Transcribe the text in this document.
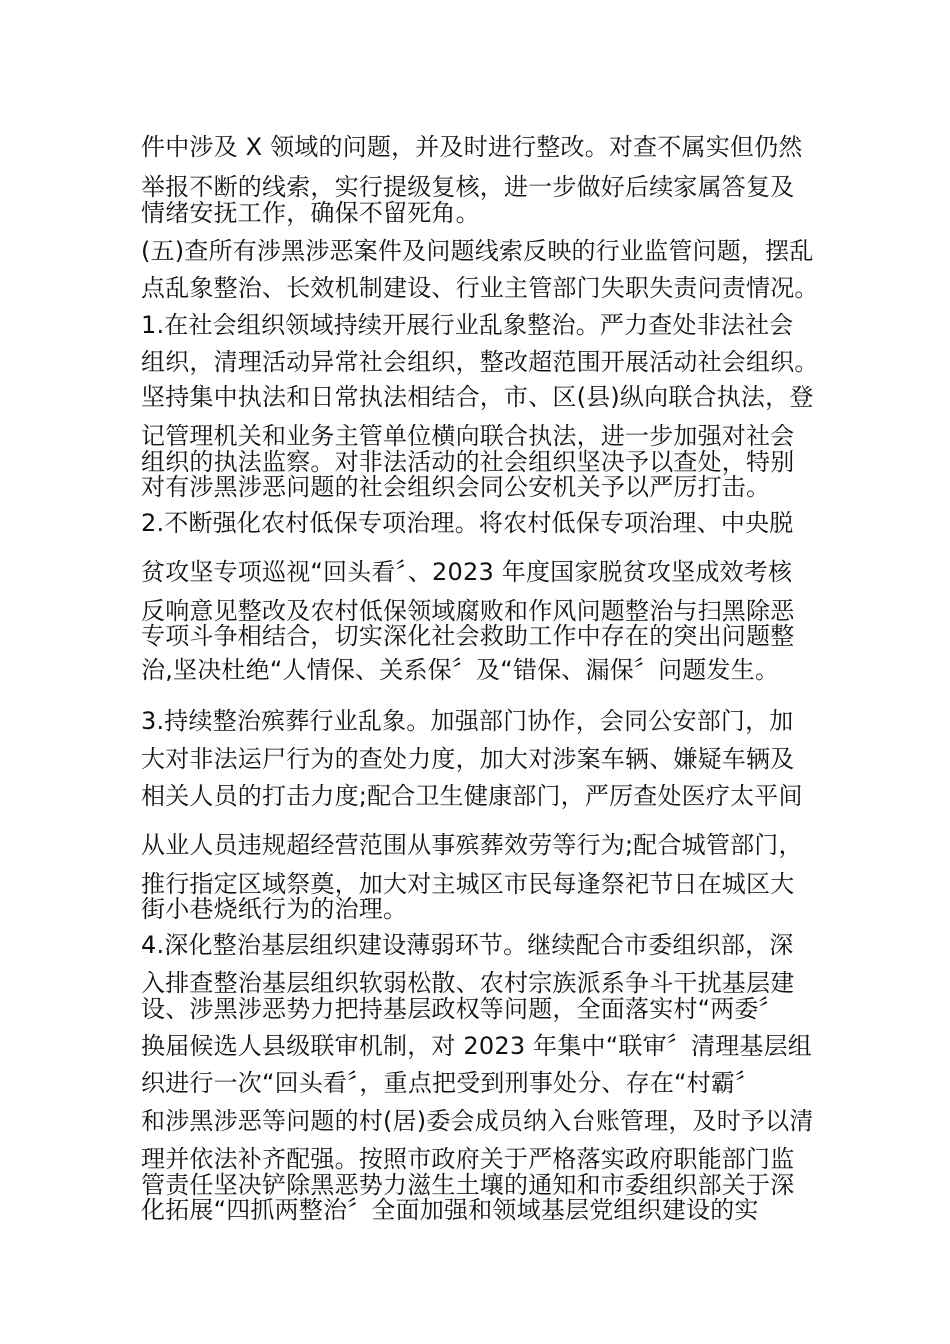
件中涉及 X 领域的问题，并及时进行整改。对查不属实但仍然
举报不断的线索，实行提级复核，进一步做好后续家属答复及
情绪安抚工作，确保不留死角。
(五)查所有涉黑涉恶案件及问题线索反映的行业监管问题，摆乱
点乱象整治、长效机制建设、行业主管部门失职失责问责情况。
1.在社会组织领域持续开展行业乱象整治。严力查处非法社会
组织，清理活动异常社会组织，整改超范围开展活动社会组织。
坚持集中执法和日常执法相结合，市、区(县)纵向联合执法，登
记管理机关和业务主管单位横向联合执法，进一步加强对社会
组织的执法监察。对非法活动的社会组织坚决予以查处，特别
对有涉黑涉恶问题的社会组织会同公安机关予以严厉打击。
2.不断强化农村低保专项治理。将农村低保专项治理、中央脱
贫攻坚专项巡视“回头看〞、2023 年度国家脱贫攻坚成效考核
反响意见整改及农村低保领域腐败和作风问题整治与扫黑除恶
专项斗争相结合，切实深化社会救助工作中存在的突出问题整
治,坚决杜绝“人情保、关系保〞及“错保、漏保〞问题发生。
3.持续整治殡葬行业乱象。加强部门协作，会同公安部门，加
大对非法运尸行为的查处力度，加大对涉案车辆、嫌疑车辆及
相关人员的打击力度;配合卫生健康部门，严厉查处医疗太平间
从业人员违规超经营范围从事殡葬效劳等行为;配合城管部门，
推行指定区域祭奠，加大对主城区市民每逢祭祀节日在城区大
街小巷烧纸行为的治理。
4.深化整治基层组织建设薄弱环节。继续配合市委组织部，深
入排查整治基层组织软弱松散、农村宗族派系争斗干扰基层建
设、涉黑涉恶势力把持基层政权等问题，全面落实村“两委〞
换届候选人县级联审机制，对 2023 年集中“联审〞清理基层组
织进行一次“回头看〞，重点把受到刑事处分、存在“村霸〞
和涉黑涉恶等问题的村(居)委会成员纳入台账管理，及时予以清
理并依法补齐配强。按照市政府关于严格落实政府职能部门监
管责任坚决铲除黑恶势力滋生土壤的通知和市委组织部关于深
化拓展“四抓两整治〞全面加强和领域基层党组织建设的实
